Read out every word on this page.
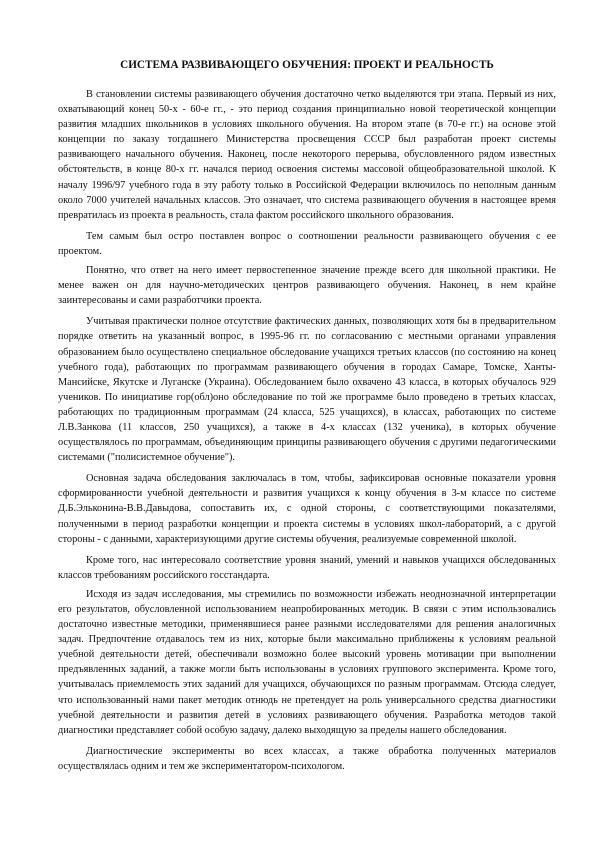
СИСТЕМА РАЗВИВАЮЩЕГО ОБУЧЕНИЯ: ПРОЕКТ И РЕАЛЬНОСТЬ

В становлении системы развивающего обучения достаточно четко выделяются три этапа. Первый из них, охватывающий конец 50-х - 60-е гг., - это период создания принципиально новой теоретической концепции развития младших школьников в условиях школьного обучения. На втором этапе (в 70-е гг.) на основе этой концепции по заказу тогдашнего Министерства просвещения СССР был разработан проект системы развивающего начального обучения. Наконец, после некоторого перерыва, обусловленного рядом известных обстоятельств, в конце 80-х гг. начался период освоения системы массовой общеобразовательной школой. К началу 1996/97 учебного года в эту работу только в Российской Федерации включилось по неполным данным около 7000 учителей начальных классов. Это означает, что система развивающего обучения в настоящее время превратилась из проекта в реальность, стала фактом российского школьного образования.

Тем самым был остро поставлен вопрос о соотношении реальности развивающего обучения с ее проектом.

Понятно, что ответ на него имеет первостепенное значение прежде всего для школьной практики. Не менее важен он для научно-методических центров развивающего обучения. Наконец, в нем крайне заинтересованы и сами разработчики проекта.

Учитывая практически полное отсутствие фактических данных, позволяющих хотя бы в предварительном порядке ответить на указанный вопрос, в 1995-96 гг. по согласованию с местными органами управления образованием было осуществлено специальное обследование учащихся третьих классов (по состоянию на конец учебного года), работающих по программам развивающего обучения в городах Самаре, Томске, Ханты-Мансийске, Якутске и Луганске (Украина). Обследованием было охвачено 43 класса, в которых обучалось 929 учеников. По инициативе гор(обл)оно обследование по той же программе было проведено в третьих классах, работающих по традиционным программам (24 класса, 525 учащихся), в классах, работающих по системе Л.В.Занкова (11 классов, 250 учащихся), а также в 4-х классах (132 ученика), в которых обучение осуществлялось по программам, объединяющим принципы развивающего обучения с другими педагогическими системами ("полисистемное обучение").

Основная задача обследования заключалась в том, чтобы, зафиксировав основные показатели уровня сформированности учебной деятельности и развития учащихся к концу обучения в 3-м классе по системе Д.Б.Эльконина-В.В.Давыдова, сопоставить их, с одной стороны, с соответствующими показателями, полученными в период разработки концепции и проекта системы в условиях школ-лабораторий, а с другой стороны - с данными, характеризующими другие системы обучения, реализуемые современной школой.

Кроме того, нас интересовало соответствие уровня знаний, умений и навыков учащихся обследованных классов требованиям российского госстандарта.

Исходя из задач исследования, мы стремились по возможности избежать неоднозначной интерпретации его результатов, обусловленной использованием неапробированных методик. В связи с этим использовались достаточно известные методики, применявшиеся ранее разными исследователями для решения аналогичных задач. Предпочтение отдавалось тем из них, которые были максимально приближены к условиям реальной учебной деятельности детей, обеспечивали возможно более высокий уровень мотивации при выполнении предъявленных заданий, а также могли быть использованы в условиях группового эксперимента. Кроме того, учитывалась приемлемость этих заданий для учащихся, обучающихся по разным программам. Отсюда следует, что использованный нами пакет методик отнюдь не претендует на роль универсального средства диагностики учебной деятельности и развития детей в условиях развивающего обучения. Разработка методов такой диагностики представляет собой особую задачу, далеко выходящую за пределы нашего обследования.

Диагностические эксперименты во всех классах, а также обработка полученных материалов осуществлялась одним и тем же экспериментатором-психологом.
